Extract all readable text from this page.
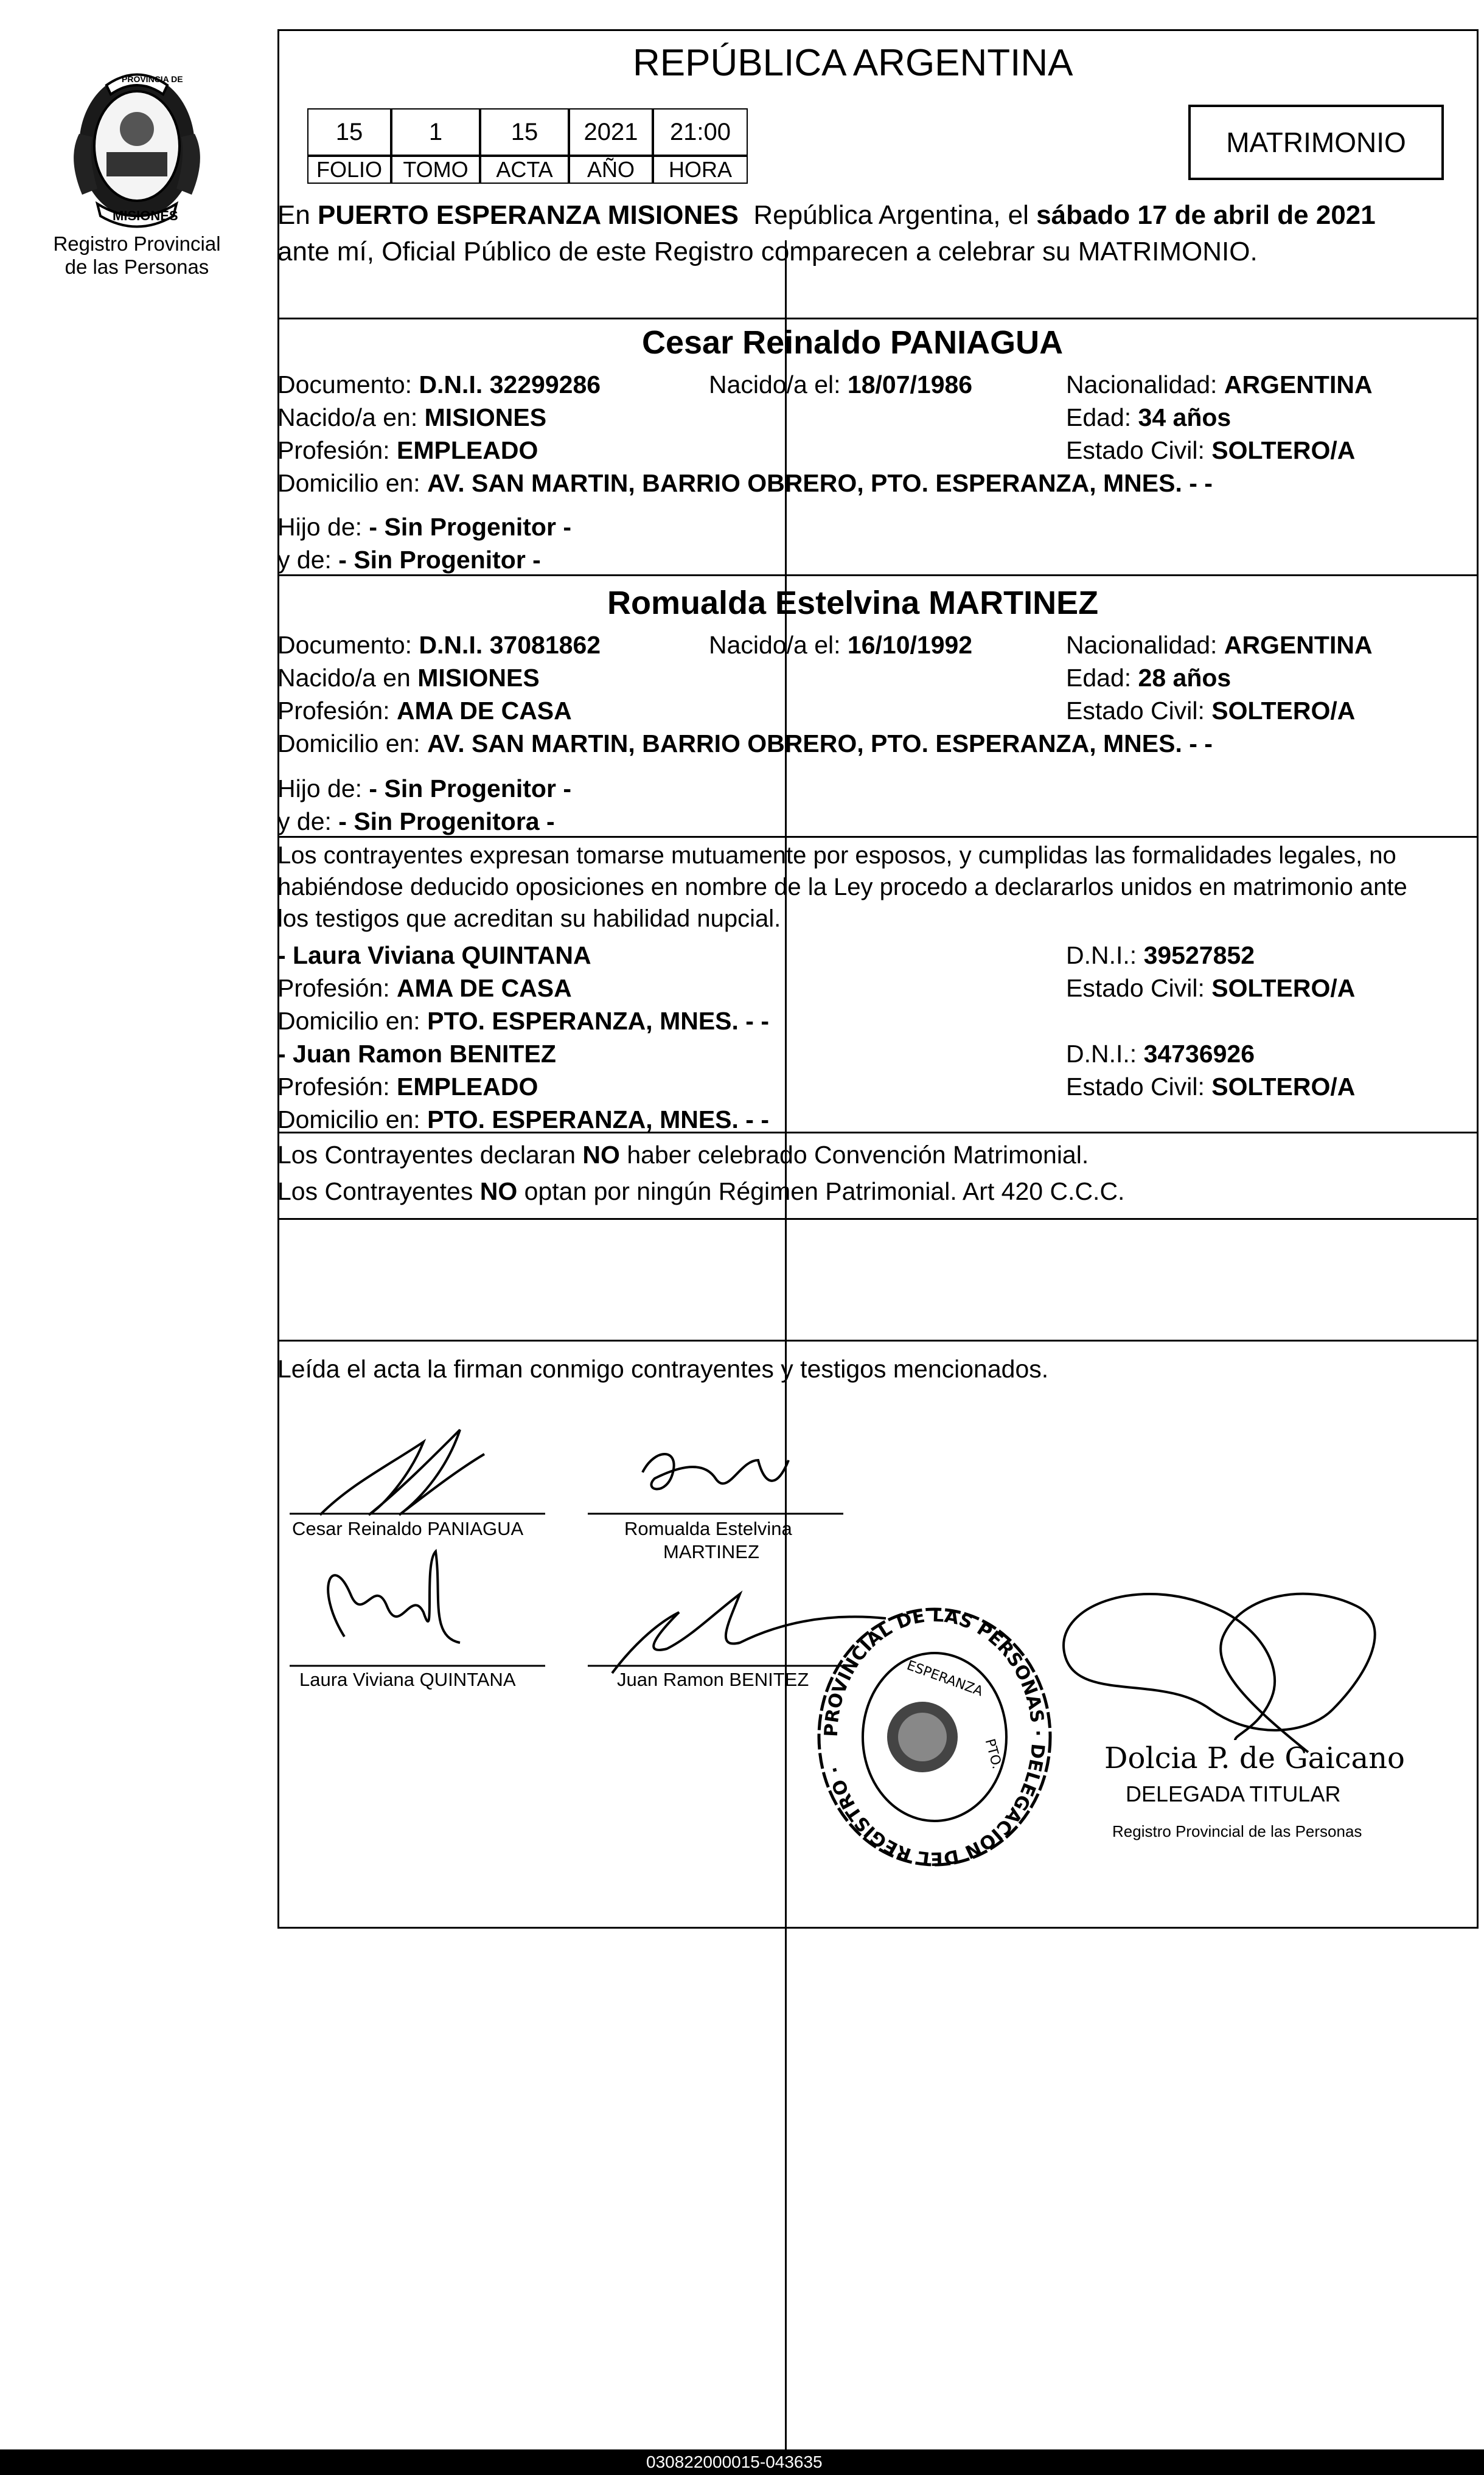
PROVINCIA DE
MISIONES
Registro Provincial
de las Personas
REPÚBLICA ARGENTINA
15	1	15	2021	21:00
FOLIO TOMO	ACTA	AÑO	HORA
MATRIMONIO
En PUERTO ESPERANZA MISIONES  República Argentina, el sábado 17 de abril de 2021
ante mí, Oficial Público de este Registro comparecen a celebrar su MATRIMONIO.
Cesar Reinaldo PANIAGUA
Documento: D.N.I. 32299286	Nacido/a el: 18/07/1986	Nacionalidad: ARGENTINA
Nacido/a en: MISIONES	Edad: 34 años
Profesión: EMPLEADO	Estado Civil: SOLTERO/A
Domicilio en: AV. SAN MARTIN, BARRIO OBRERO, PTO. ESPERANZA, MNES. - -
Hijo de: - Sin Progenitor -
y de: - Sin Progenitor -
Romualda Estelvina MARTINEZ
Documento: D.N.I. 37081862	Nacido/a el: 16/10/1992	Nacionalidad: ARGENTINA
Nacido/a en MISIONES	Edad: 28 años
Profesión: AMA DE CASA	Estado Civil: SOLTERO/A
Domicilio en: AV. SAN MARTIN, BARRIO OBRERO, PTO. ESPERANZA, MNES. - -
Hijo de: - Sin Progenitor -
y de: - Sin Progenitora -
Los contrayentes expresan tomarse mutuamente por esposos, y cumplidas las formalidades legales, no
habiéndose deducido oposiciones en nombre de la Ley procedo a declararlos unidos en matrimonio ante
los testigos que acreditan su habilidad nupcial.
- Laura Viviana QUINTANA	D.N.I.: 39527852
Profesión: AMA DE CASA	Estado Civil: SOLTERO/A
Domicilio en: PTO. ESPERANZA, MNES. - -
- Juan Ramon BENITEZ	D.N.I.: 34736926
Profesión: EMPLEADO	Estado Civil: SOLTERO/A
Domicilio en: PTO. ESPERANZA, MNES. - -
Los Contrayentes declaran NO haber celebrado Convención Matrimonial.
Los Contrayentes NO optan por ningún Régimen Patrimonial. Art 420 C.C.C.
Leída el acta la firman conmigo contrayentes y testigos mencionados.
Cesar Reinaldo PANIAGUA	Romualda Estelvina
MARTINEZ
Laura Viviana QUINTANA	Juan Ramon BENITEZ
PROVINCIAL DE LAS PERSONAS · DELEGACION DEL REGISTRO ·
ESPERANZA
PTO.	Dolcia P. de Gaicano
DELEGADA TITULAR
Registro Provincial de las Personas
030822000015-043635
